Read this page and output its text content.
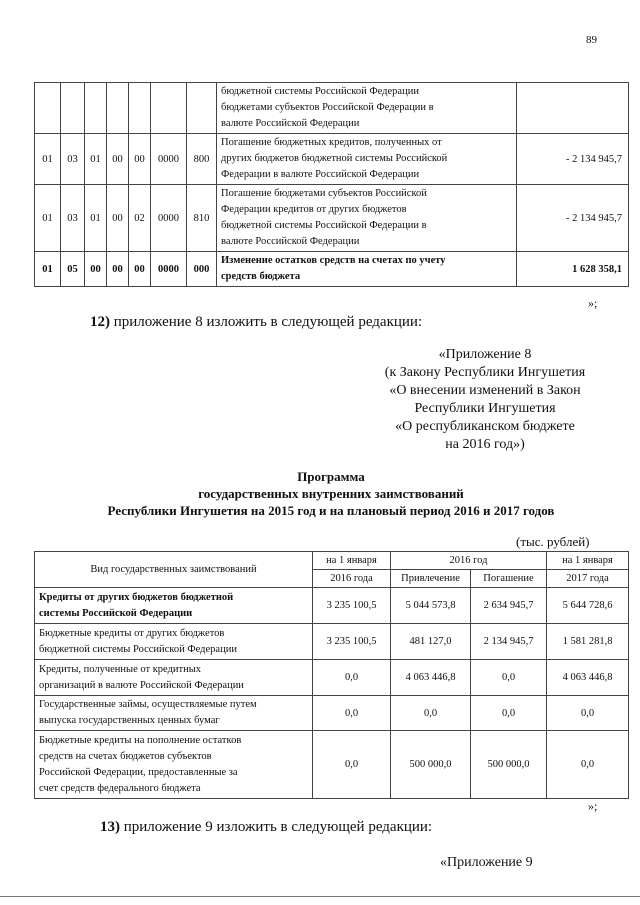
89

							бюджетной системы Российской Федерации
бюджетами субъектов Российской Федерации в
валюте Российской Федерации	

01	03	01	00	00	0000	800	Погашение бюджетных кредитов, полученных от
других бюджетов бюджетной системы Российской
Федерации в валюте Российской Федерации	- 2 134 945,7
01	03	01	00	02	0000	810	Погашение бюджетами субъектов Российской
Федерации кредитов от других бюджетов
бюджетной системы Российской Федерации в
валюте Российской Федерации	- 2 134 945,7
01	05	00	00	00	0000	000	Изменение остатков средств на счетах по учету
средств бюджета	1 628 358,1
»;
12) приложение 8 изложить в следующей редакции:
«Приложение 8
(к Закону Республики Ингушетия
«О внесении изменений в Закон
Республики Ингушетия
«О республиканском бюджете
на 2016 год»)
Программа
государственных внутренних заимствований
Республики Ингушетия на 2015 год и на плановый период 2016 и 2017 годов
(тыс. рублей)
Вид государственных заимствований	на 1 января	2016 год		на 1 января
	2016 года	Привлечение	Погашение	2017 года

Кредиты от других бюджетов бюджетной
системы Российской Федерации	3 235 100,5	5 044 573,8	2 634 945,7	5 644 728,6

Бюджетные кредиты от других бюджетов
бюджетной системы Российской Федерации	3 235 100,5	481 127,0	2 134 945,7	1 581 281,8

Кредиты, полученные от кредитных
организаций в валюте Российской Федерации	0,0	4 063 446,8	0,0	4 063 446,8

Государственные займы, осуществляемые путем
выпуска государственных ценных бумаг	0,0	0,0	0,0	0,0

Бюджетные кредиты на пополнение остатков
средств на счетах бюджетов субъектов
Российской Федерации, предоставленные за
счет средств федерального бюджета	0,0	500 000,0	500 000,0	0,0
»;
13) приложение 9 изложить в следующей редакции:
«Приложение 9
